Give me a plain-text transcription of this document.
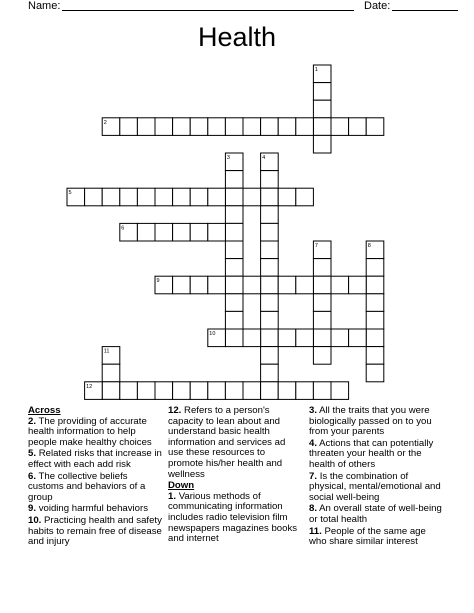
Name:	Date:
Health
1
2
3	4
5
6
7	8
9
10
11
12
Across
2. The providing of accurate health information to help people make healthy choices
5. Related risks that increase in effect with each add risk
6. The collective beliefs customs and behaviors of a group
9. voiding harmful behaviors
10. Practicing health and safety habits to remain free of disease and injury
12. Refers to a person's capacity to lean about and understand basic health information and services ad use these resources to promote his/her health and wellness
Down
1. Various methods of communicating information includes radio television film newspapers magazines books and internet
3. All the traits that you were biologically passed on to you from your parents
4. Actions that can potentially threaten your health or the health of others
7. Is the combination of physical, mental/emotional and social well-being
8. An overall state of well-being or total health
11. People of the same age who share similar interest
